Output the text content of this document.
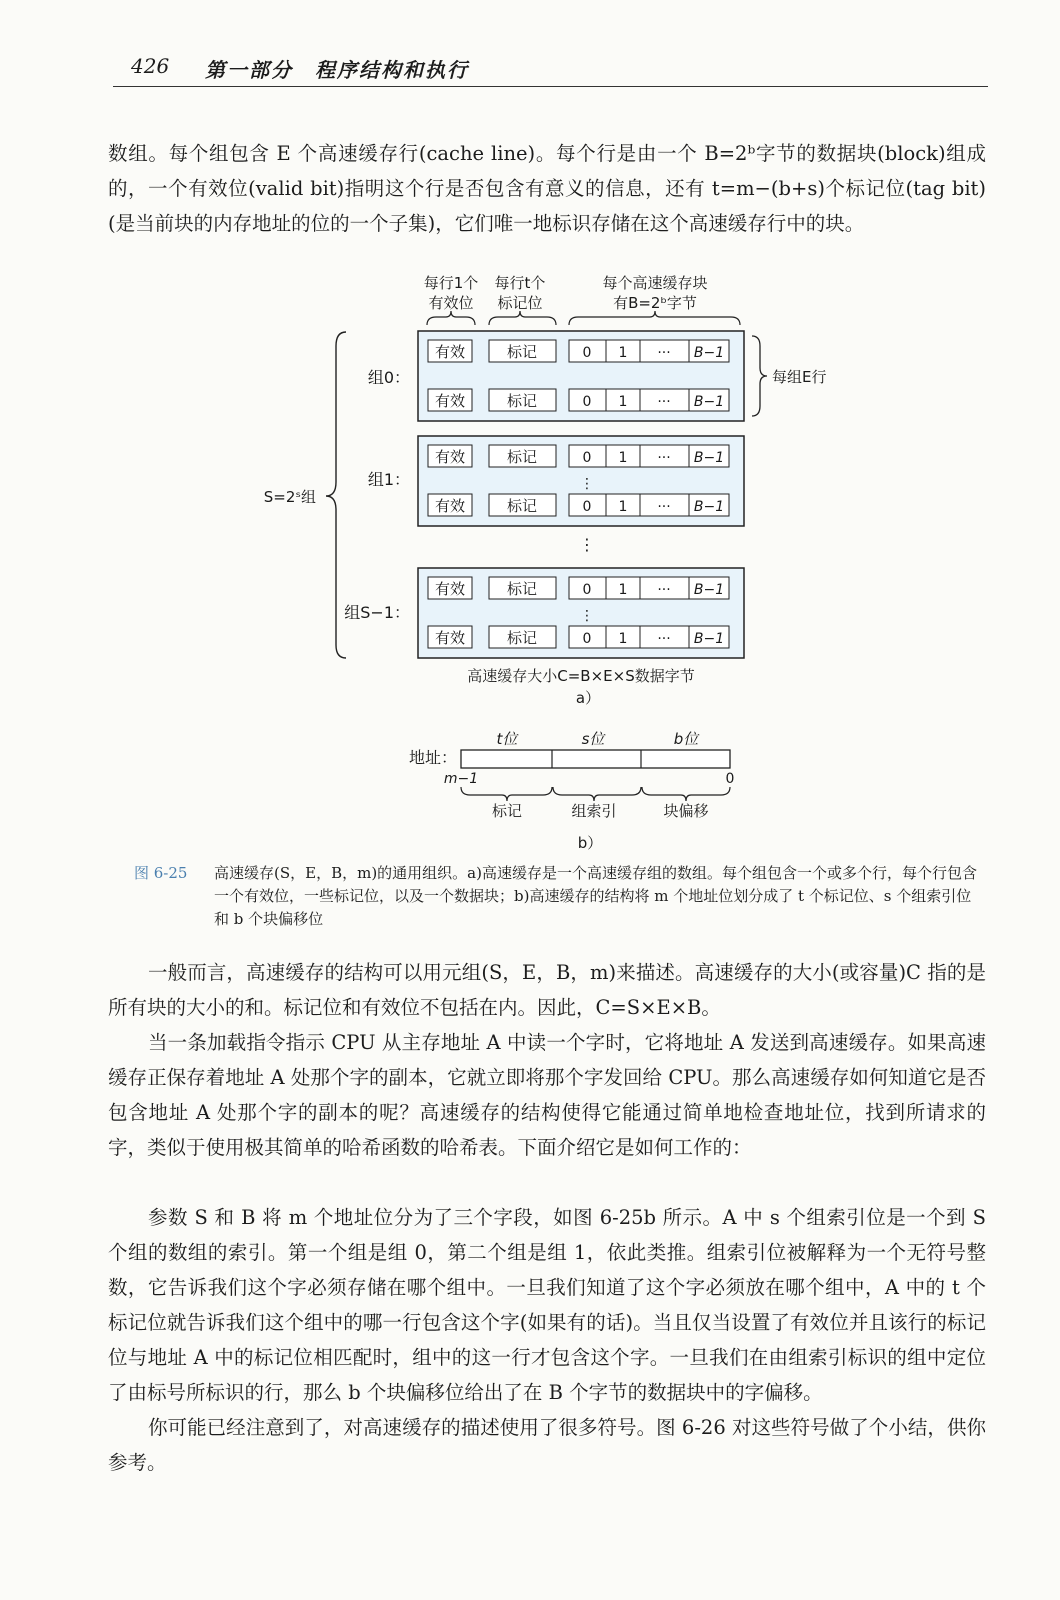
426 第一部分　程序结构和执行

数组。每个组包含 E 个高速缓存行(cache line)。每个行是由一个 B=2ᵇ字节的数据块(block)组成的，一个有效位(valid bit)指明这个行是否包含有意义的信息，还有 t=m−(b+s)个标记位(tag bit)(是当前块的内存地址的位的一个子集)，它们唯一地标识存储在这个高速缓存行中的块。

每行1个
有效位
每行t个
标记位
每个高速缓存块
有B=2ᵇ字节
有效	标记	0 1 ··· B−1
有效	标记	0 1 ··· B−1
组0：	每组E行
有效	标记	0 1 ··· B−1
⋮
有效	标记	0 1 ··· B−1
组1：
⋮
有效	标记	0 1 ··· B−1
⋮
有效	标记	0 1 ··· B−1
组S−1：
S=2ˢ组
高速缓存大小C=B×E×S数据字节
a）
t位	s位	b位
地址：
m−1	0
标记	组索引	块偏移
b）
图 6-25 高速缓存(S，E，B，m)的通用组织。a)高速缓存是一个高速缓存组的数组。每个组包含一个或多个行，每个行包含一个有效位，一些标记位，以及一个数据块；b)高速缓存的结构将 m 个地址位划分成了 t 个标记位、s 个组索引位和 b 个块偏移位

一般而言，高速缓存的结构可以用元组(S，E，B，m)来描述。高速缓存的大小(或容量)C 指的是所有块的大小的和。标记位和有效位不包括在内。因此，C=S×E×B。

当一条加载指令指示 CPU 从主存地址 A 中读一个字时，它将地址 A 发送到高速缓存。如果高速缓存正保存着地址 A 处那个字的副本，它就立即将那个字发回给 CPU。那么高速缓存如何知道它是否包含地址 A 处那个字的副本的呢？高速缓存的结构使得它能通过简单地检查地址位，找到所请求的字，类似于使用极其简单的哈希函数的哈希表。下面介绍它是如何工作的：

参数 S 和 B 将 m 个地址位分为了三个字段，如图 6-25b 所示。A 中 s 个组索引位是一个到 S 个组的数组的索引。第一个组是组 0，第二个组是组 1，依此类推。组索引位被解释为一个无符号整数，它告诉我们这个字必须存储在哪个组中。一旦我们知道了这个字必须放在哪个组中，A 中的 t 个标记位就告诉我们这个组中的哪一行包含这个字(如果有的话)。当且仅当设置了有效位并且该行的标记位与地址 A 中的标记位相匹配时，组中的这一行才包含这个字。一旦我们在由组索引标识的组中定位了由标号所标识的行，那么 b 个块偏移位给出了在 B 个字节的数据块中的字偏移。

你可能已经注意到了，对高速缓存的描述使用了很多符号。图 6-26 对这些符号做了个小结，供你参考。
